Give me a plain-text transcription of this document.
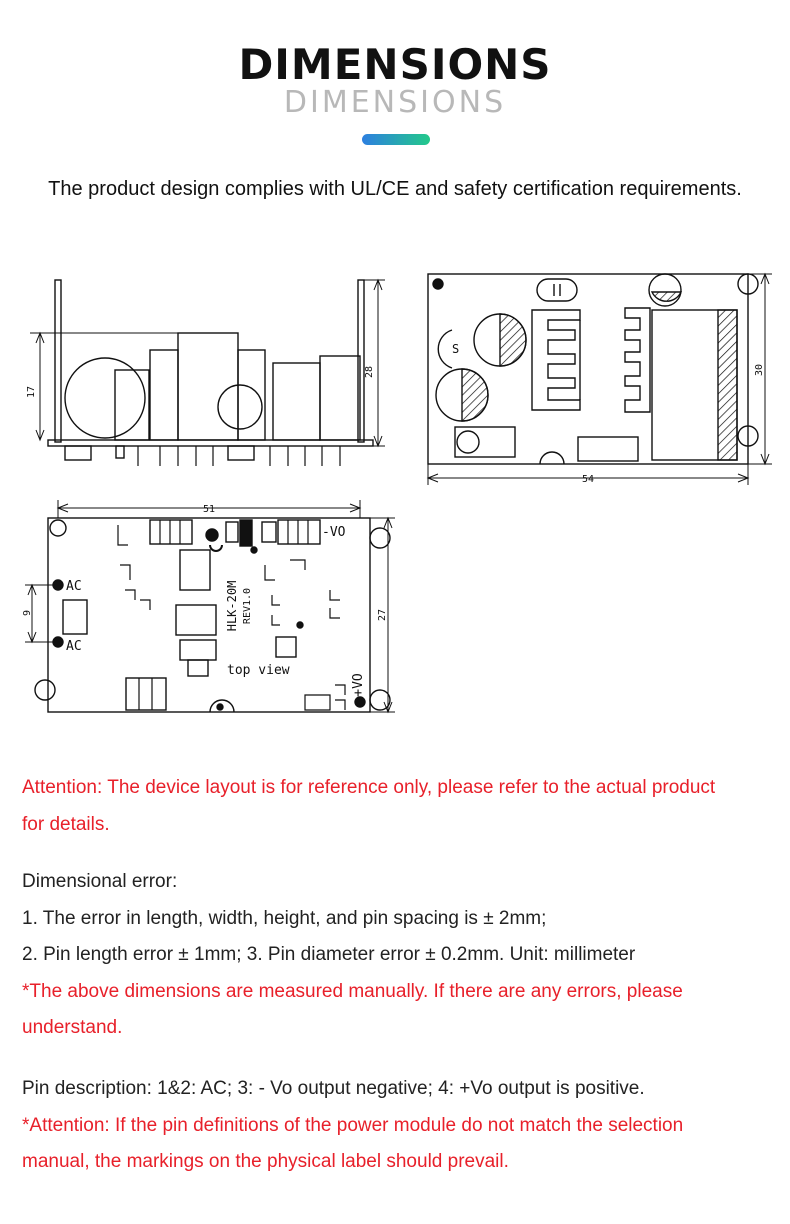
DIMENSIONS
DIMENSIONS
The product design complies with UL/CE and safety certification requirements.
17
28
S
30
54
AC
AC
-VO
+VO
HLK-20M REV1.0
top view
51
27
9
Attention: The device layout is for reference only, please refer to the actual product
for details.
Dimensional error:
1. The error in length, width, height, and pin spacing is ± 2mm;
2. Pin length error ± 1mm; 3. Pin diameter error ± 0.2mm. Unit: millimeter
*The above dimensions are measured manually. If there are any errors, please
understand.
Pin description: 1&2: AC; 3: - Vo output negative; 4: +Vo output is positive.
*Attention: If the pin definitions of the power module do not match the selection
manual, the markings on the physical label should prevail.
